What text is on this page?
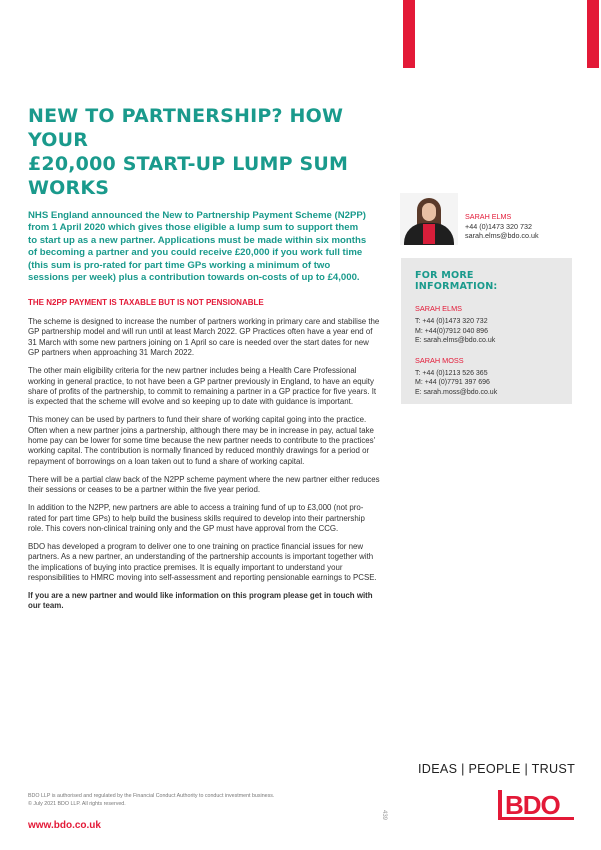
NEW TO PARTNERSHIP? HOW YOUR
£20,000 START-UP LUMP SUM WORKS

NHS England announced the New to Partnership Payment Scheme (N2PP) from 1 April 2020 which gives those eligible a lump sum to support them to start up as a new partner. Applications must be made within six months of becoming a partner and you could receive £20,000 if you work full time (this sum is pro-rated for part time GPs working a minimum of two sessions per week) plus a contribution towards on-costs of up to £4,000.

THE N2PP PAYMENT IS TAXABLE BUT IS NOT PENSIONABLE

The scheme is designed to increase the number of partners working in primary care and stabilise the GP partnership model and will run until at least March 2022. GP Practices often have a year end of 31 March with some new partners joining on 1 April so care is needed over the start dates for new GP partners when approaching 31 March 2022.

The other main eligibility criteria for the new partner includes being a Health Care Professional working in general practice, to not have been a GP partner previously in England, to have an equity share of profits of the partnership, to commit to remaining a partner in a GP practice for five years. It is expected that the scheme will evolve and so keeping up to date with guidance is important.

This money can be used by partners to fund their share of working capital going into the practice. Often when a new partner joins a partnership, although there may be in increase in pay, actual take home pay can be lower for some time because the new partner needs to contribute to the practices' working capital. The contribution is normally financed by reduced monthly drawings for a period or repayment of borrowings on a loan taken out to fund a share of working capital.

There will be a partial claw back of the N2PP scheme payment where the new partner either reduces their sessions or ceases to be a partner within the five year period.

In addition to the N2PP, new partners are able to access a training fund of up to £3,000 (not pro-rated for part time GPs) to help build the business skills required to develop into their partnership role. This covers non-clinical training only and the GP must have approval from the CCG.

BDO has developed a program to deliver one to one training on practice financial issues for new partners. As a new partner, an understanding of the partnership accounts is important together with the implications of buying into practice premises. It is equally important to understand your responsibilities to HMRC moving into self-assessment and reporting pensionable earnings to PCSE.

If you are a new partner and would like information on this program please get in touch with our team.

SARAH ELMS
+44 (0)1473 320 732
sarah.elms@bdo.co.uk

FOR MORE INFORMATION:

SARAH ELMS
T: +44 (0)1473 320 732
M: +44(0)7912 040 896
E: sarah.elms@bdo.co.uk
SARAH MOSS
T: +44 (0)1213 526 365
M: +44 (0)7791 397 696
E: sarah.moss@bdo.co.uk

IDEAS | PEOPLE | TRUST

BDO
BDO LLP is authorised and regulated by the Financial Conduct Authority to conduct investment business.
© July 2021 BDO LLP. All rights reserved.
www.bdo.co.uk
439
